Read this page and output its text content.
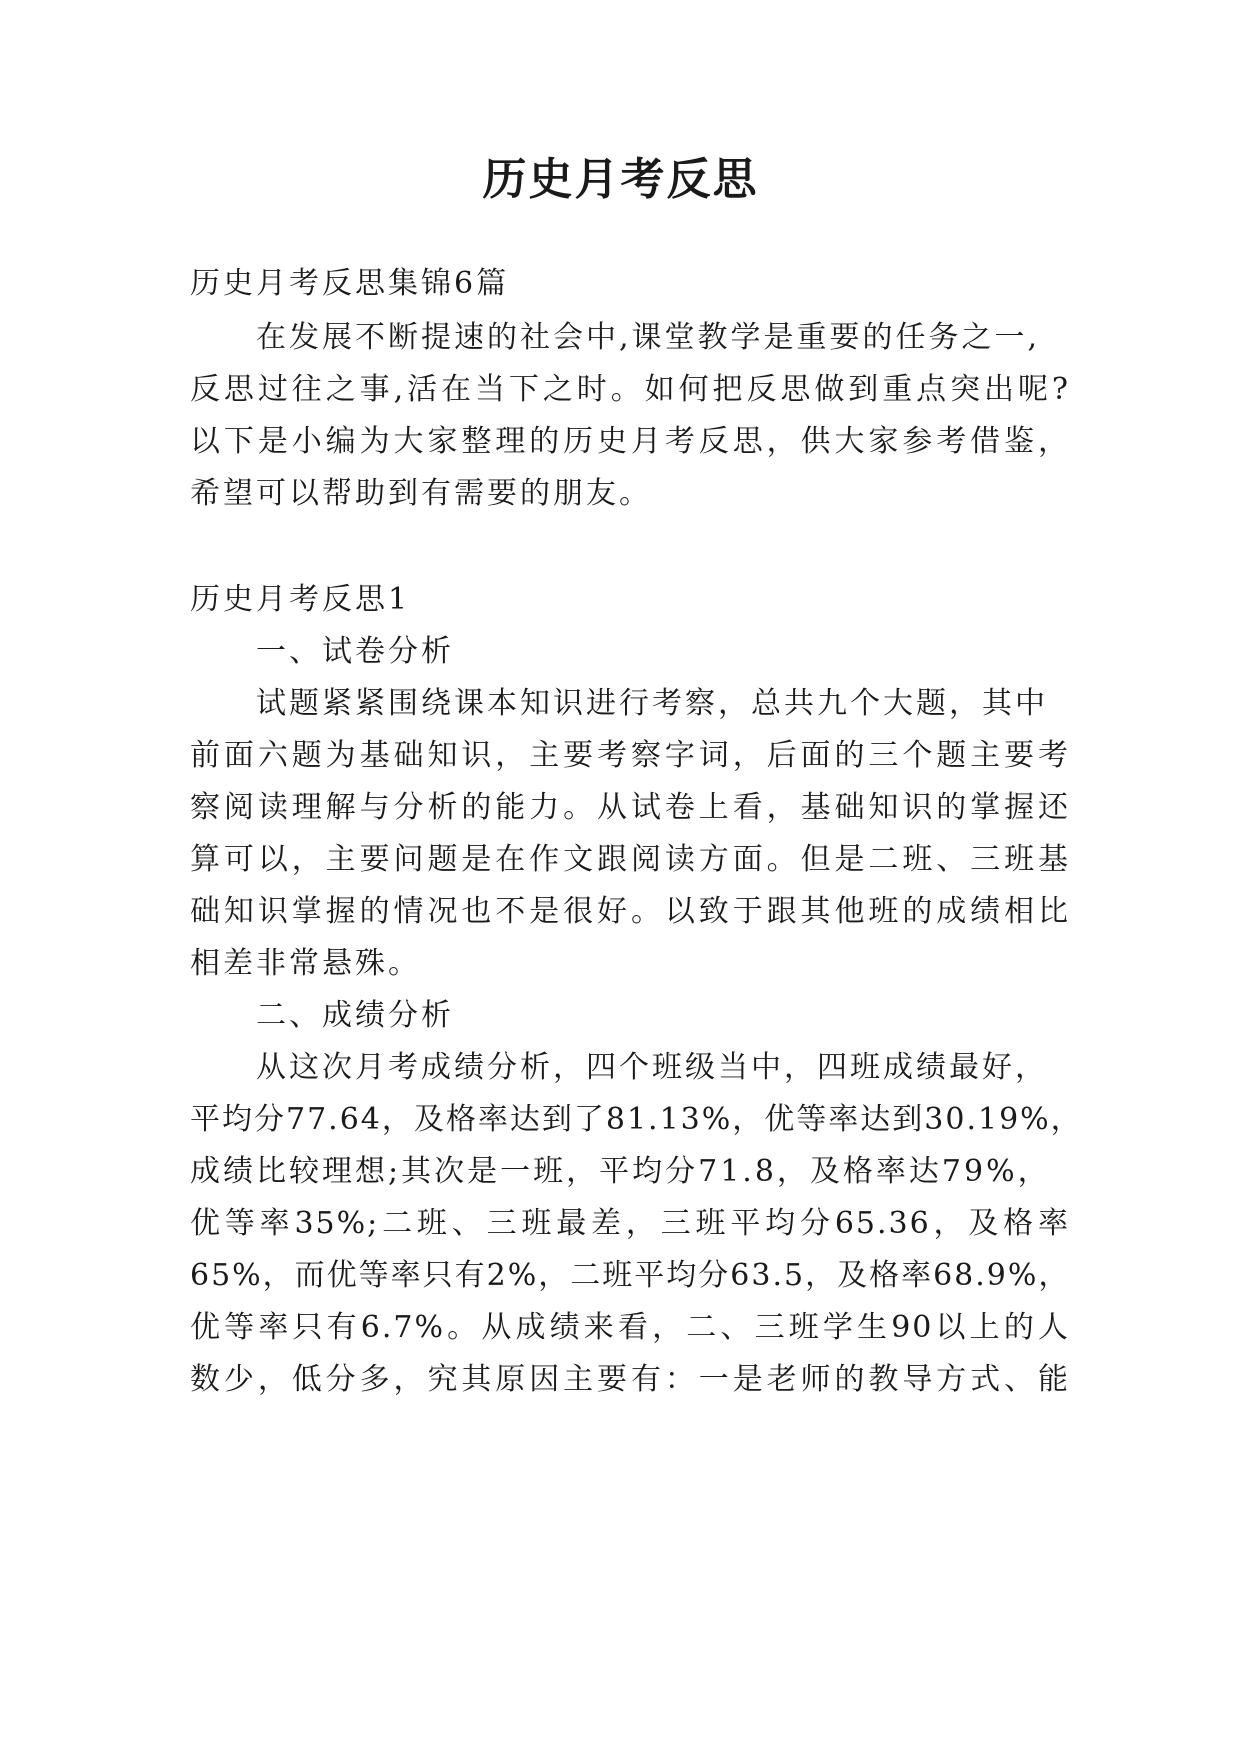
历史月考反思
历史月考反思集锦6篇
在发展不断提速的社会中,课堂教学是重要的任务之一,
反思过往之事,活在当下之时。如何把反思做到重点突出呢?
以下是小编为大家整理的历史月考反思，供大家参考借鉴，
希望可以帮助到有需要的朋友。
历史月考反思1
一、试卷分析
试题紧紧围绕课本知识进行考察，总共九个大题，其中
前面六题为基础知识，主要考察字词，后面的三个题主要考
察阅读理解与分析的能力。从试卷上看，基础知识的掌握还
算可以，主要问题是在作文跟阅读方面。但是二班、三班基
础知识掌握的情况也不是很好。以致于跟其他班的成绩相比
相差非常悬殊。
二、成绩分析
从这次月考成绩分析，四个班级当中，四班成绩最好，
平均分77.64，及格率达到了81.13%，优等率达到30.19%，
成绩比较理想;其次是一班，平均分71.8，及格率达79%，
优等率35%;二班、三班最差，三班平均分65.36，及格率
65%，而优等率只有2%，二班平均分63.5，及格率68.9%，
优等率只有6.7%。从成绩来看，二、三班学生90以上的人
数少，低分多，究其原因主要有：一是老师的教导方式、能
